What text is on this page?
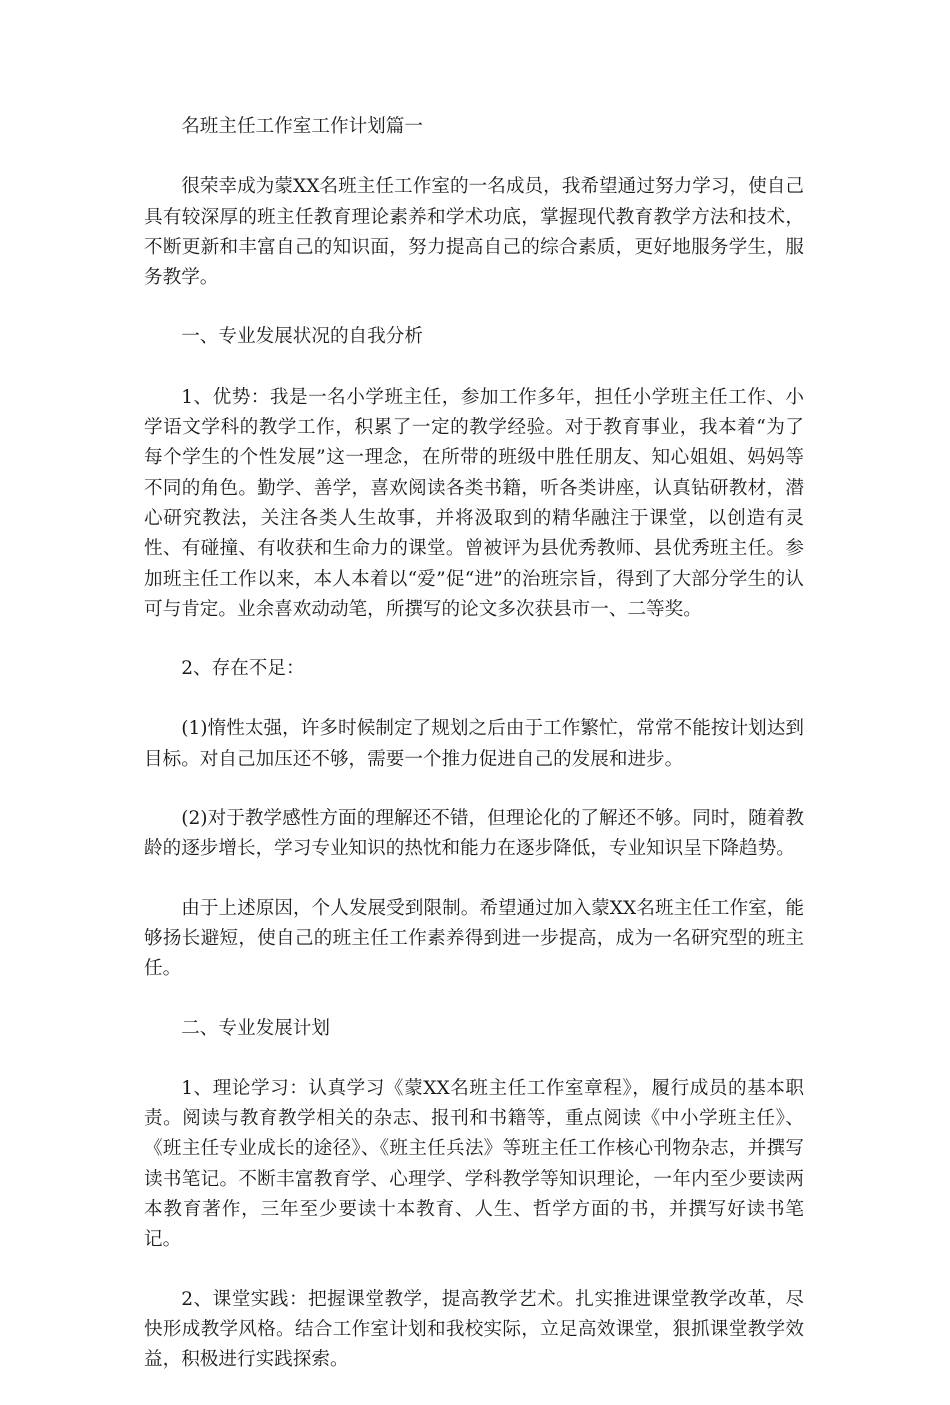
名班主任工作室工作计划篇一

很荣幸成为蒙XX名班主任工作室的一名成员，我希望通过努力学习，使自己具有较深厚的班主任教育理论素养和学术功底，掌握现代教育教学方法和技术，不断更新和丰富自己的知识面，努力提高自己的综合素质，更好地服务学生，服务教学。

一、专业发展状况的自我分析

1、优势：我是一名小学班主任，参加工作多年，担任小学班主任工作、小学语文学科的教学工作，积累了一定的教学经验。对于教育事业，我本着“为了每个学生的个性发展”这一理念，在所带的班级中胜任朋友、知心姐姐、妈妈等不同的角色。勤学、善学，喜欢阅读各类书籍，听各类讲座，认真钻研教材，潜心研究教法，关注各类人生故事，并将汲取到的精华融注于课堂，以创造有灵性、有碰撞、有收获和生命力的课堂。曾被评为县优秀教师、县优秀班主任。参加班主任工作以来，本人本着以“爱”促“进”的治班宗旨，得到了大部分学生的认可与肯定。业余喜欢动动笔，所撰写的论文多次获县市一、二等奖。

2、存在不足：

(1)惰性太强，许多时候制定了规划之后由于工作繁忙，常常不能按计划达到目标。对自己加压还不够，需要一个推力促进自己的发展和进步。

(2)对于教学感性方面的理解还不错，但理论化的了解还不够。同时，随着教龄的逐步增长，学习专业知识的热忱和能力在逐步降低，专业知识呈下降趋势。

由于上述原因，个人发展受到限制。希望通过加入蒙XX名班主任工作室，能够扬长避短，使自己的班主任工作素养得到进一步提高，成为一名研究型的班主任。

二、专业发展计划

1、理论学习：认真学习《蒙XX名班主任工作室章程》，履行成员的基本职责。阅读与教育教学相关的杂志、报刊和书籍等，重点阅读《中小学班主任》、《班主任专业成长的途径》、《班主任兵法》等班主任工作核心刊物杂志，并撰写读书笔记。不断丰富教育学、心理学、学科教学等知识理论，一年内至少要读两本教育著作，三年至少要读十本教育、人生、哲学方面的书，并撰写好读书笔记。

2、课堂实践：把握课堂教学，提高教学艺术。扎实推进课堂教学改革，尽快形成教学风格。结合工作室计划和我校实际，立足高效课堂，狠抓课堂教学效益，积极进行实践探索。
